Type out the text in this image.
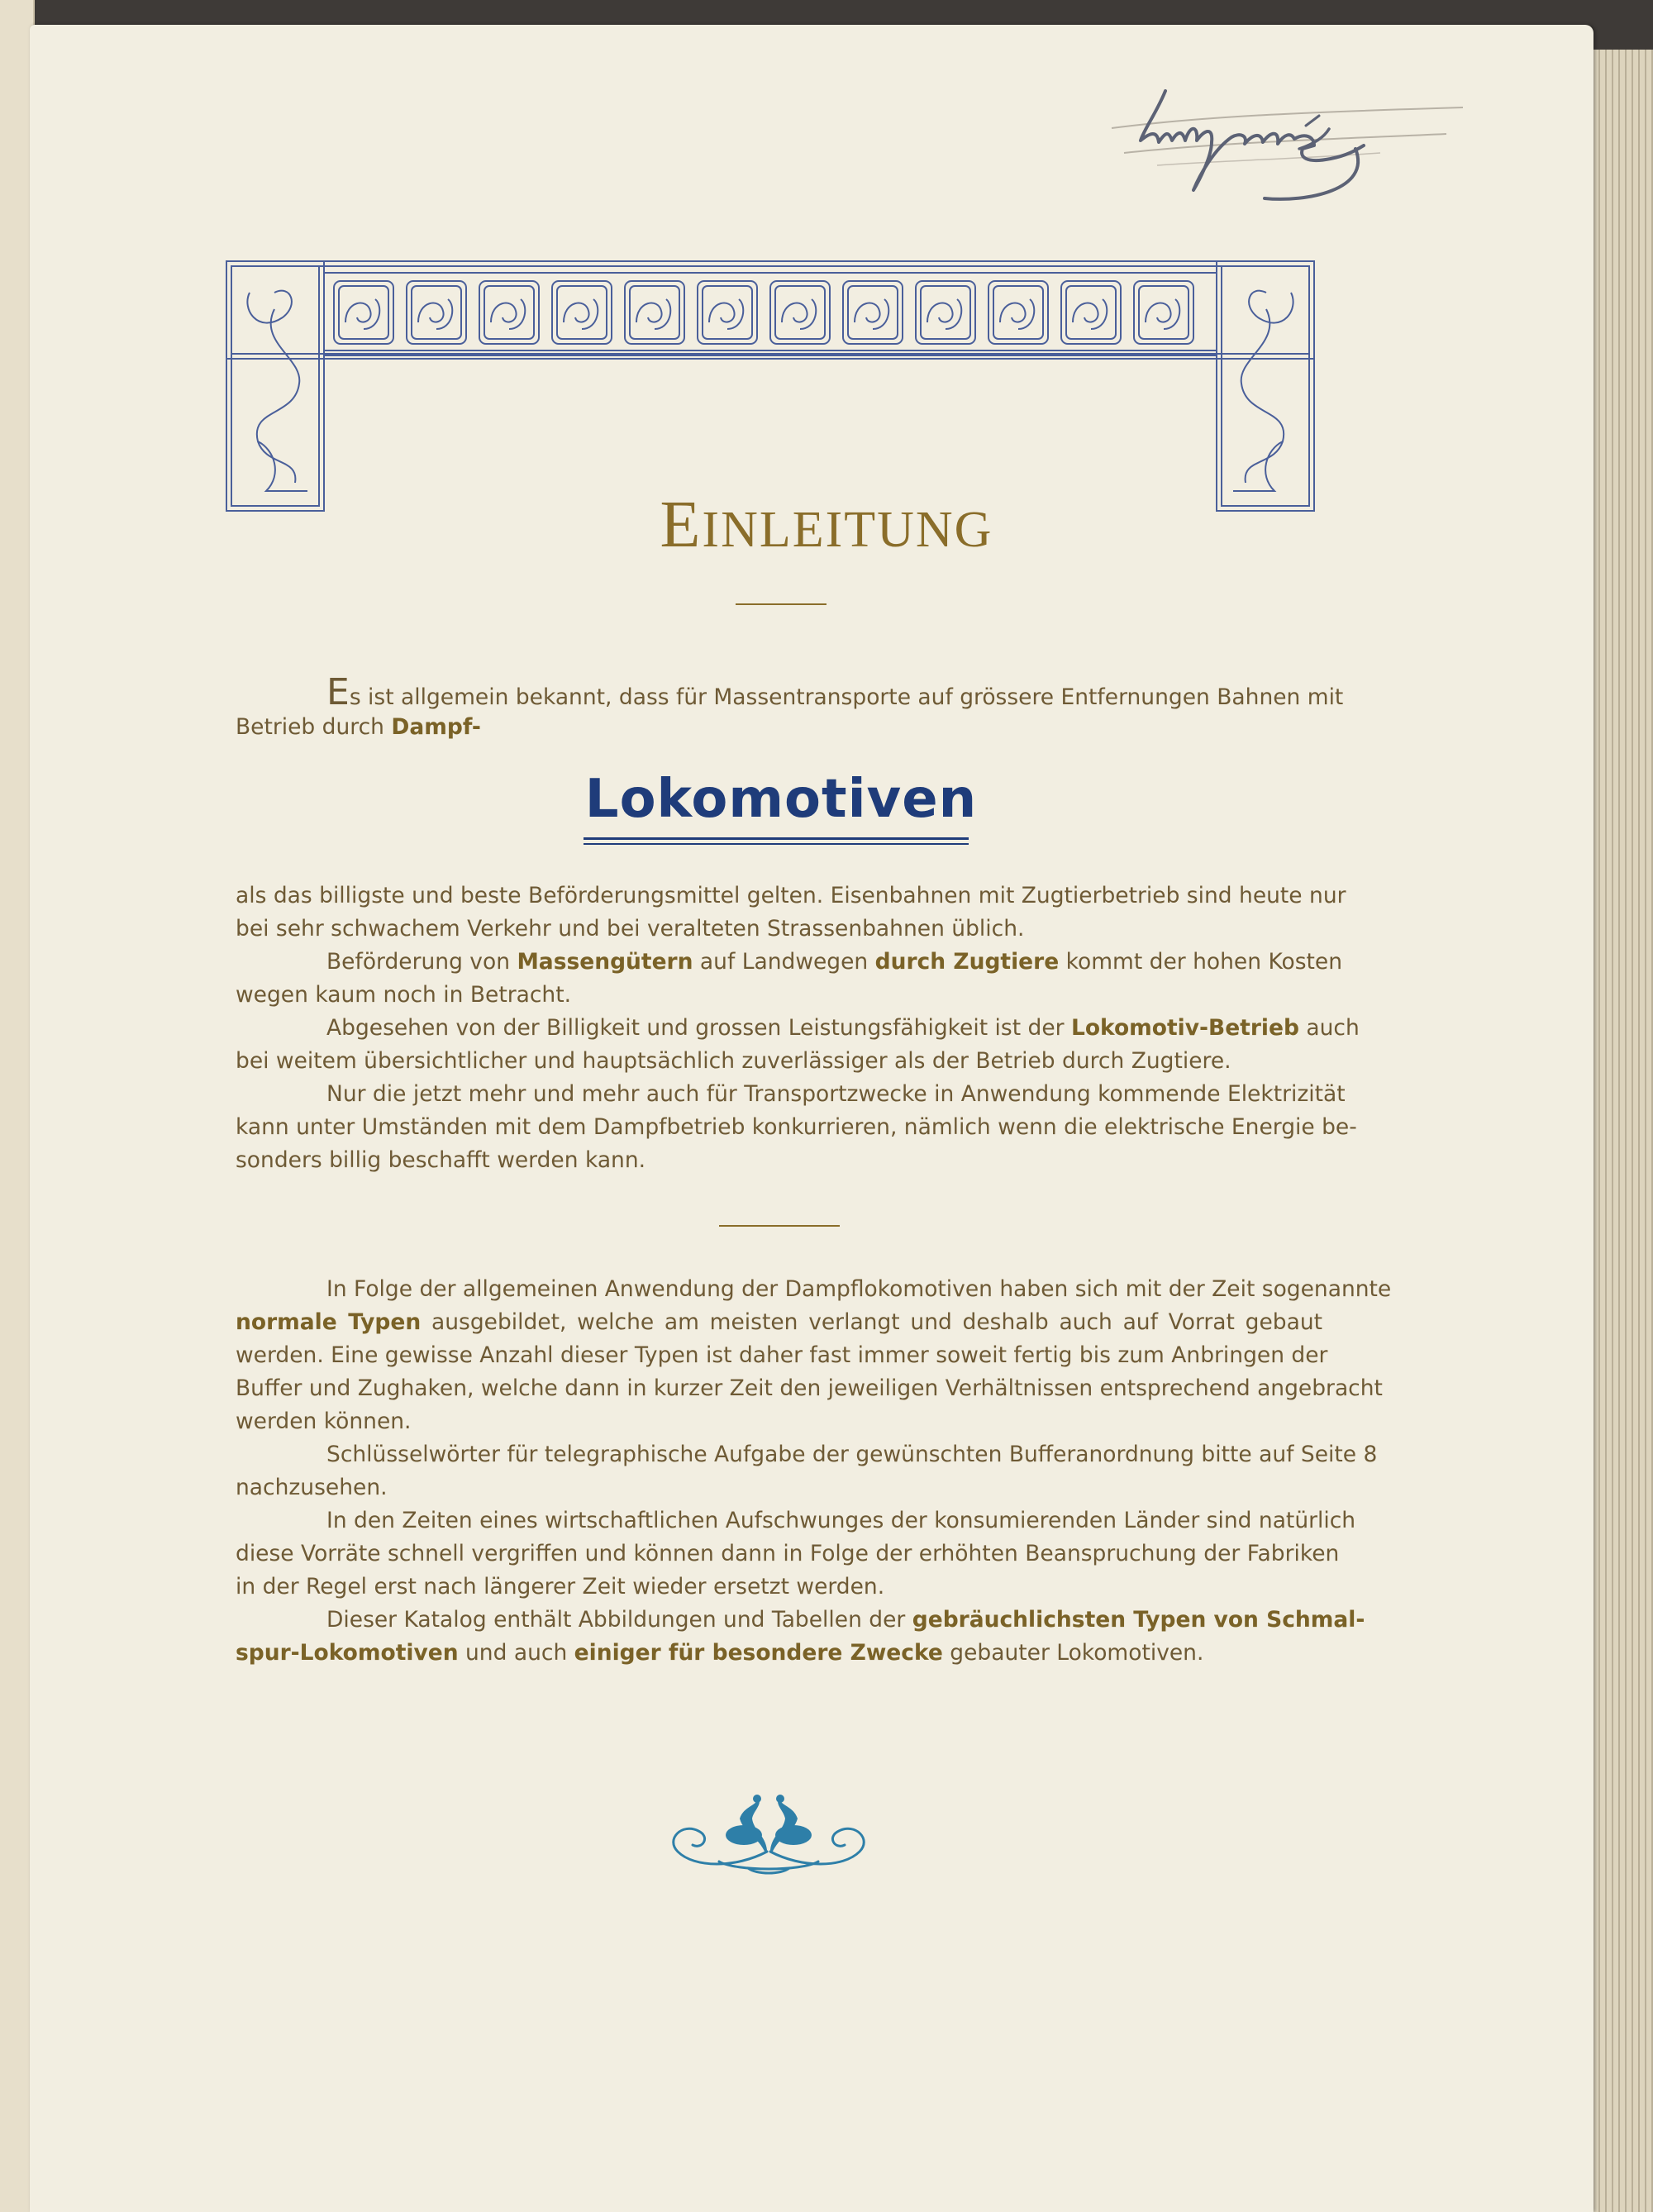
EINLEITUNG
Es ist allgemein bekannt, dass für Massentransporte auf grössere Entfernungen Bahnen mit
Betrieb durch Dampf-
Lokomotiven
als das billigste und beste Beförderungsmittel gelten. Eisenbahnen mit Zugtierbetrieb sind heute nur
bei sehr schwachem Verkehr und bei veralteten Strassenbahnen üblich.
Beförderung von Massengütern auf Landwegen durch Zugtiere kommt der hohen Kosten
wegen kaum noch in Betracht.
Abgesehen von der Billigkeit und grossen Leistungsfähigkeit ist der Lokomotiv-Betrieb auch
bei weitem übersichtlicher und hauptsächlich zuverlässiger als der Betrieb durch Zugtiere.
Nur die jetzt mehr und mehr auch für Transportzwecke in Anwendung kommende Elektrizität
kann unter Umständen mit dem Dampfbetrieb konkurrieren, nämlich wenn die elektrische Energie be-
sonders billig beschafft werden kann.
In Folge der allgemeinen Anwendung der Dampflokomotiven haben sich mit der Zeit sogenannte
normale Typen ausgebildet, welche am meisten verlangt und deshalb auch auf Vorrat gebaut
werden. Eine gewisse Anzahl dieser Typen ist daher fast immer soweit fertig bis zum Anbringen der
Buffer und Zughaken, welche dann in kurzer Zeit den jeweiligen Verhältnissen entsprechend angebracht
werden können.
Schlüsselwörter für telegraphische Aufgabe der gewünschten Bufferanordnung bitte auf Seite 8
nachzusehen.
In den Zeiten eines wirtschaftlichen Aufschwunges der konsumierenden Länder sind natürlich
diese Vorräte schnell vergriffen und können dann in Folge der erhöhten Beanspruchung der Fabriken
in der Regel erst nach längerer Zeit wieder ersetzt werden.
Dieser Katalog enthält Abbildungen und Tabellen der gebräuchlichsten Typen von Schmal-
spur-Lokomotiven und auch einiger für besondere Zwecke gebauter Lokomotiven.
